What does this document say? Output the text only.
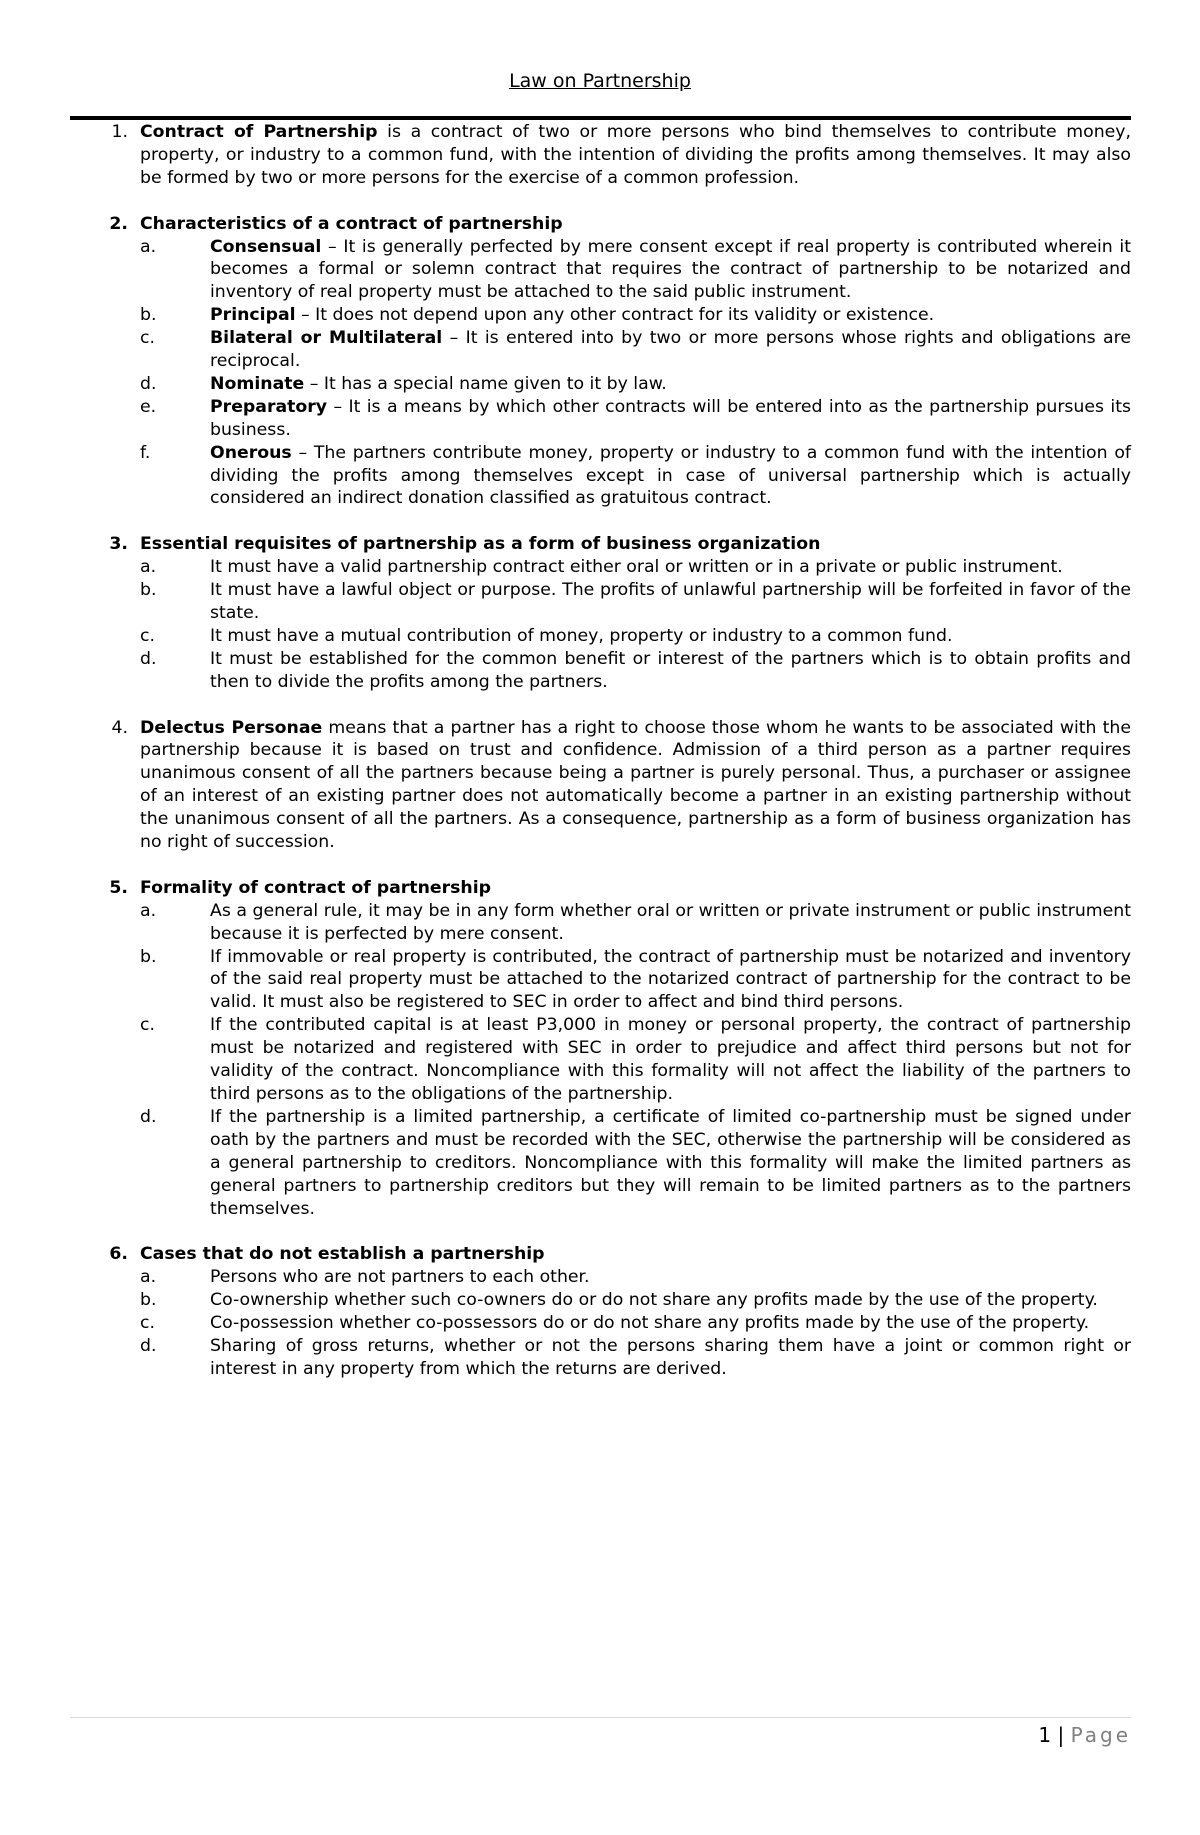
Law on Partnership
1. Contract of Partnership is a contract of two or more persons who bind themselves to contribute money, property, or industry to a common fund, with the intention of dividing the profits among themselves. It may also be formed by two or more persons for the exercise of a common profession.
2. Characteristics of a contract of partnership
a.	Consensual – It is generally perfected by mere consent except if real property is contributed wherein it becomes a formal or solemn contract that requires the contract of partnership to be notarized and inventory of real property must be attached to the said public instrument.
b.	Principal – It does not depend upon any other contract for its validity or existence.
c.	Bilateral or Multilateral – It is entered into by two or more persons whose rights and obligations are reciprocal.
d.	Nominate – It has a special name given to it by law.
e.	Preparatory – It is a means by which other contracts will be entered into as the partnership pursues its business.
f.	Onerous – The partners contribute money, property or industry to a common fund with the intention of dividing the profits among themselves except in case of universal partnership which is actually considered an indirect donation classified as gratuitous contract.
3. Essential requisites of partnership as a form of business organization
a.	It must have a valid partnership contract either oral or written or in a private or public instrument.
b.	It must have a lawful object or purpose. The profits of unlawful partnership will be forfeited in favor of the state.
c.	It must have a mutual contribution of money, property or industry to a common fund.
d.	It must be established for the common benefit or interest of the partners which is to obtain profits and then to divide the profits among the partners.
4. Delectus Personae means that a partner has a right to choose those whom he wants to be associated with the partnership because it is based on trust and confidence. Admission of a third person as a partner requires unanimous consent of all the partners because being a partner is purely personal. Thus, a purchaser or assignee of an interest of an existing partner does not automatically become a partner in an existing partnership without the unanimous consent of all the partners. As a consequence, partnership as a form of business organization has no right of succession.
5. Formality of contract of partnership
a.	As a general rule, it may be in any form whether oral or written or private instrument or public instrument because it is perfected by mere consent.
b.	If immovable or real property is contributed, the contract of partnership must be notarized and inventory of the said real property must be attached to the notarized contract of partnership for the contract to be valid. It must also be registered to SEC in order to affect and bind third persons.
c.	If the contributed capital is at least P3,000 in money or personal property, the contract of partnership must be notarized and registered with SEC in order to prejudice and affect third persons but not for validity of the contract. Noncompliance with this formality will not affect the liability of the partners to third persons as to the obligations of the partnership.
d.	If the partnership is a limited partnership, a certificate of limited co-partnership must be signed under oath by the partners and must be recorded with the SEC, otherwise the partnership will be considered as a general partnership to creditors. Noncompliance with this formality will make the limited partners as general partners to partnership creditors but they will remain to be limited partners as to the partners themselves.
6. Cases that do not establish a partnership
a.	Persons who are not partners to each other.
b.	Co-ownership whether such co-owners do or do not share any profits made by the use of the property.
c.	Co-possession whether co-possessors do or do not share any profits made by the use of the property.
d.	Sharing of gross returns, whether or not the persons sharing them have a joint or common right or interest in any property from which the returns are derived.
1 | Page
